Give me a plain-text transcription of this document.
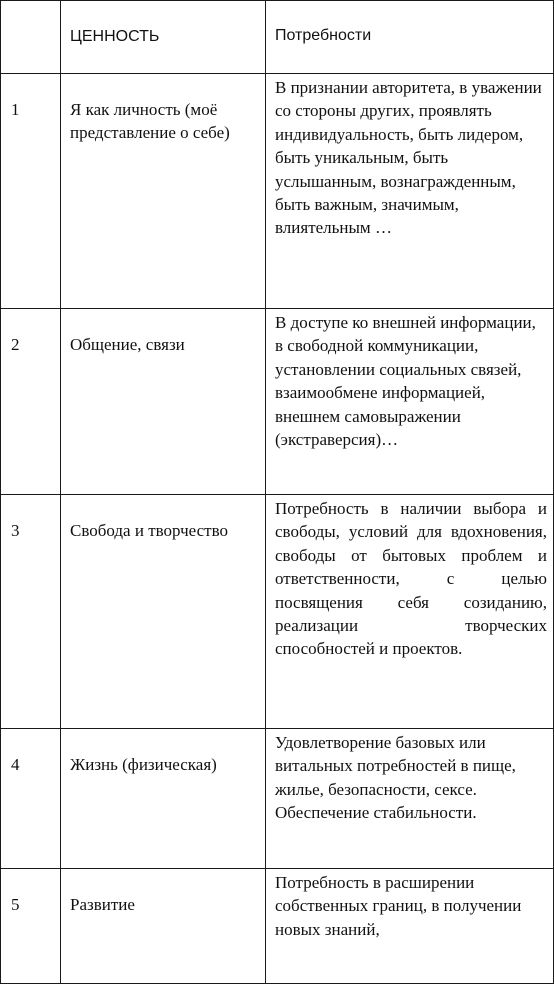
	ЦЕННОСТЬ	Потребности
1	Я как личность (моё представление о себе)	В признании авторитета, в уважении со стороны других, проявлять индивидуальность, быть лидером, быть уникальным, быть услышанным, вознагражденным, быть важным, значимым, влиятельным …
2	Общение, связи	В доступе ко внешней информации, в свободной коммуникации, установлении социальных связей, взаимообмене информацией, внешнем самовыражении (экстраверсия)…
3	Свобода и творчество	Потребность в наличии выбора и свободы, условий для вдохновения, свободы от бытовых проблем и ответственности, с целью посвящения себя созиданию, реализации творческих способностей и проектов.
4	Жизнь (физическая)	Удовлетворение базовых или витальных потребностей в пище, жилье, безопасности, сексе. Обеспечение стабильности.
5	Развитие	Потребность в расширении собственных границ, в получении новых знаний,
